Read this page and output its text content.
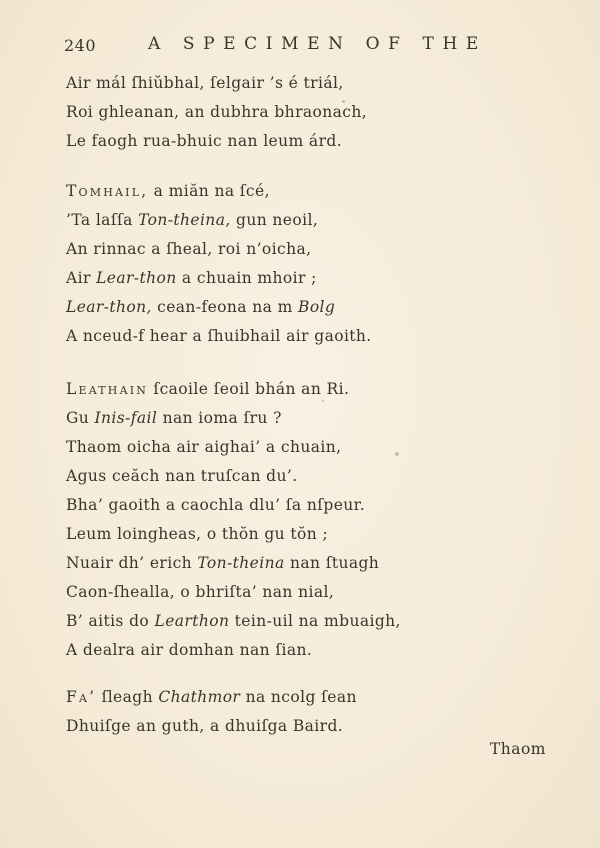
240	A SPECIMEN OF THE
Air mál ſhiŭbhal, ſelgair ’s é triál,
Roi ghleanan, an dubhra bhraonach,
Le faogh rua-bhuic nan leum árd.
Tomhail, a miăn na ſcé,
’Ta laſſa Ton-theina, gun neoil,
An rinnac a ſheal, roi n’oicha,
Air Lear-thon a chuain mhoir ;
Lear-thon, cean-feona na m Bolg
A nceud-f hear a ſhuibhail air gaoith.
Leathain ſcaoile ſeoil bhán an Ri.
Gu Inis-fail nan ioma ſru ?
Thaom oicha air aighai’ a chuain,
Agus ceăch nan truſcan du’.
Bha’ gaoith a caochla dlu’ ſa nſpeur.
Leum loingheas, o thŏn gu tŏn ;
Nuair dh’ erich Ton-theina nan ſtuagh
Caon-ſhealla, o bhriſta’ nan nial,
B’ aitis do Learthon tein-uil na mbuaigh,
A dealra air domhan nan ſian.
Fa’ ſleagh Chathmor na ncolg ſean
Dhuiſge an guth, a dhuiſga Baird.
Thaom
